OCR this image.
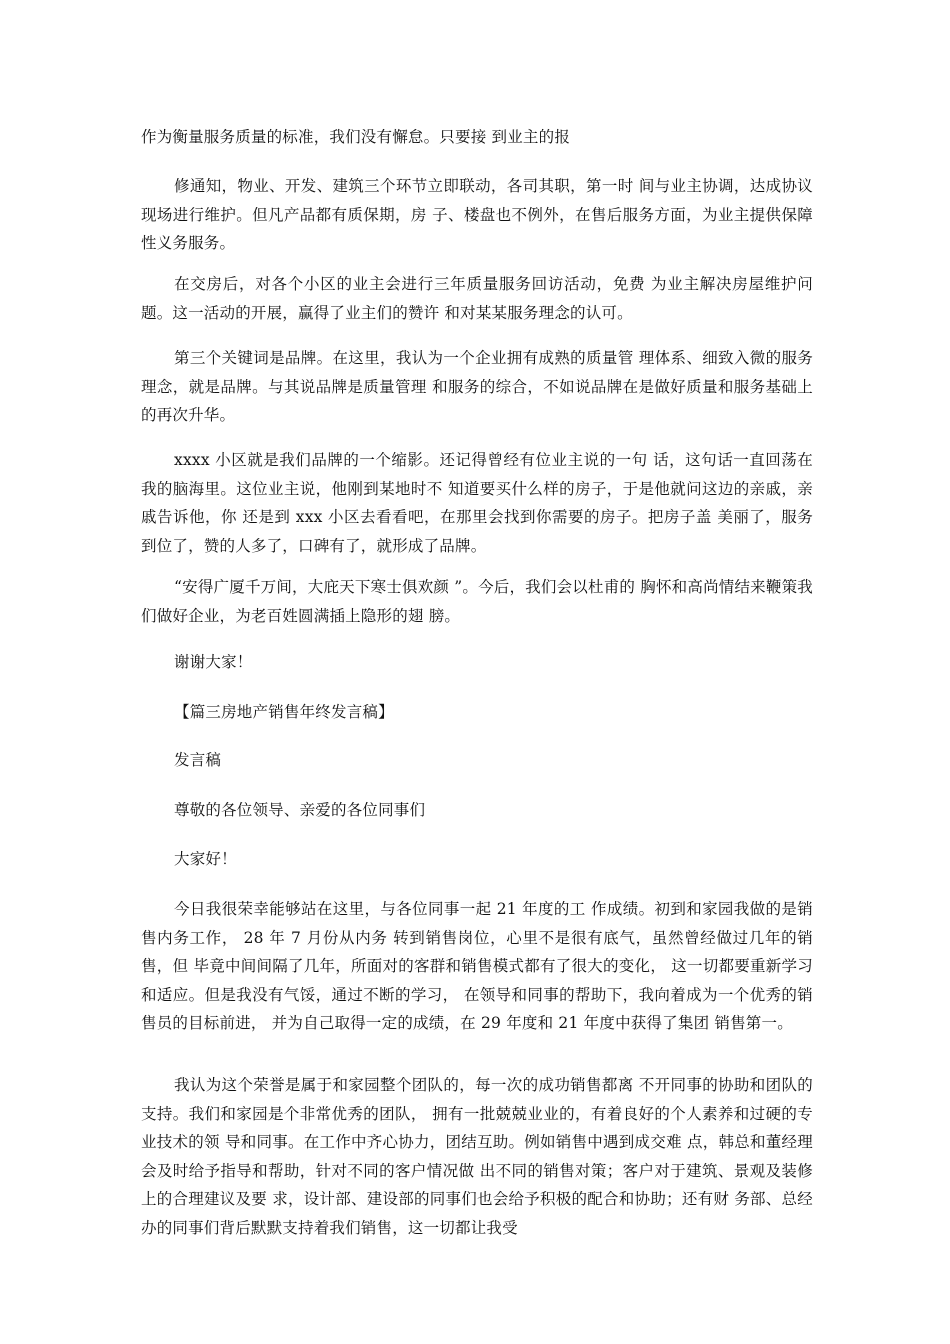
作为衡量服务质量的标准，我们没有懈怠。只要接 到业主的报

修通知，物业、开发、建筑三个环节立即联动，各司其职，第一时 间与业主协调，达成协议现场进行维护。但凡产品都有质保期，房 子、楼盘也不例外，在售后服务方面，为业主提供保障性义务服务。

在交房后，对各个小区的业主会进行三年质量服务回访活动，免费 为业主解决房屋维护问题。这一活动的开展，赢得了业主们的赞许 和对某某服务理念的认可。

第三个关键词是品牌。在这里，我认为一个企业拥有成熟的质量管 理体系、细致入微的服务理念，就是品牌。与其说品牌是质量管理 和服务的综合，不如说品牌在是做好质量和服务基础上的再次升华。

xxxx 小区就是我们品牌的一个缩影。还记得曾经有位业主说的一句 话，这句话一直回荡在我的脑海里。这位业主说，他刚到某地时不 知道要买什么样的房子，于是他就问这边的亲戚，亲戚告诉他，你 还是到 xxx 小区去看看吧，在那里会找到你需要的房子。把房子盖 美丽了，服务到位了，赞的人多了，口碑有了，就形成了品牌。

“安得广厦千万间，大庇天下寒士俱欢颜 ”。今后，我们会以杜甫的 胸怀和高尚情结来鞭策我们做好企业，为老百姓圆满插上隐形的翅 膀。

谢谢大家！

【篇三房地产销售年终发言稿】

发言稿

尊敬的各位领导、亲爱的各位同事们

大家好！

今日我很荣幸能够站在这里，与各位同事一起 21 年度的工 作成绩。初到和家园我做的是销售内务工作， 28 年 7 月份从内务 转到销售岗位，心里不是很有底气，虽然曾经做过几年的销售，但 毕竟中间间隔了几年，所面对的客群和销售模式都有了很大的变化， 这一切都要重新学习和适应。但是我没有气馁，通过不断的学习， 在领导和同事的帮助下，我向着成为一个优秀的销售员的目标前进， 并为自己取得一定的成绩，在 29 年度和 21 年度中获得了集团 销售第一。

我认为这个荣誉是属于和家园整个团队的，每一次的成功销售都离 不开同事的协助和团队的支持。我们和家园是个非常优秀的团队， 拥有一批兢兢业业的，有着良好的个人素养和过硬的专业技术的领 导和同事。在工作中齐心协力，团结互助。例如销售中遇到成交难 点，韩总和董经理会及时给予指导和帮助，针对不同的客户情况做 出不同的销售对策；客户对于建筑、景观及装修上的合理建议及要 求，设计部、建设部的同事们也会给予积极的配合和协助；还有财 务部、总经办的同事们背后默默支持着我们销售，这一切都让我受
